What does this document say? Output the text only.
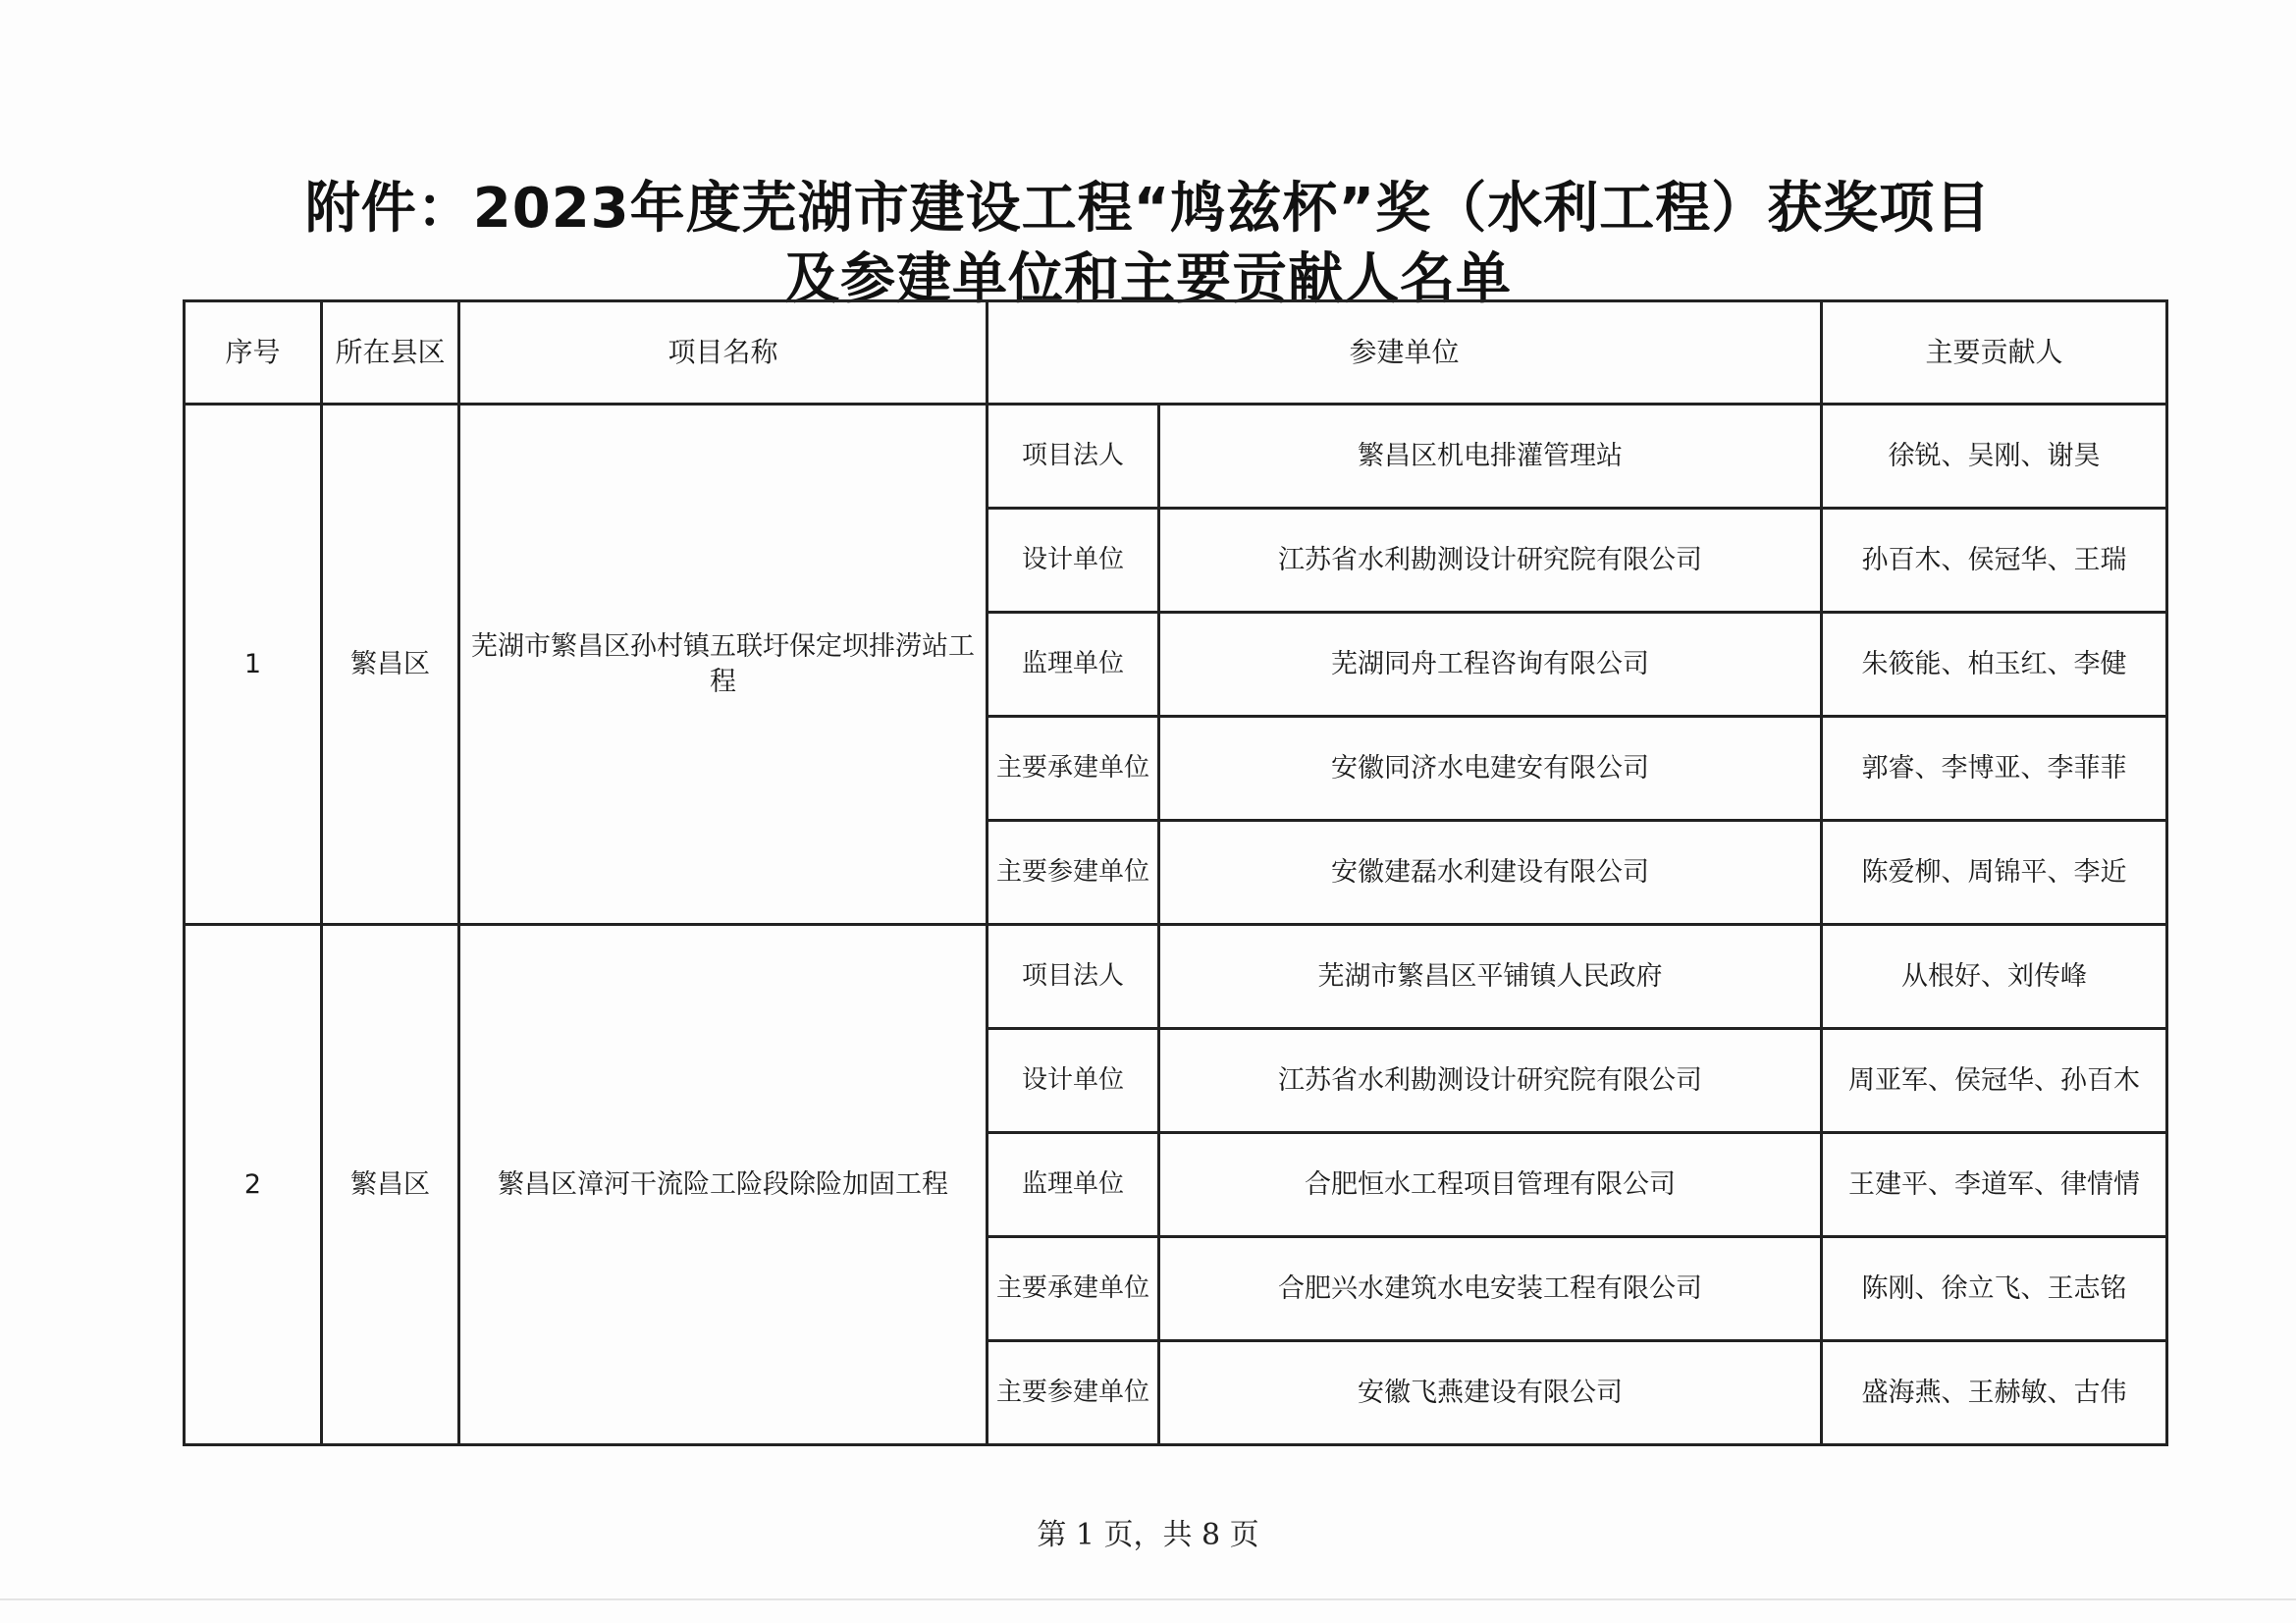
附件：2023年度芜湖市建设工程“鸠兹杯”奖（水利工程）获奖项目
及参建单位和主要贡献人名单
序号	所在县区	项目名称	参建单位		主要贡献人
1	繁昌区	芜湖市繁昌区孙村镇五联圩保定坝排涝站工程	项目法人	繁昌区机电排灌管理站	徐锐、吴刚、谢昊
			设计单位	江苏省水利勘测设计研究院有限公司	孙百木、侯冠华、王瑞
			监理单位	芜湖同舟工程咨询有限公司	朱筱能、柏玉红、李健
			主要承建单位	安徽同济水电建安有限公司	郭睿、李博亚、李菲菲
			主要参建单位	安徽建磊水利建设有限公司	陈爱柳、周锦平、李近
2	繁昌区	繁昌区漳河干流险工险段除险加固工程	项目法人	芜湖市繁昌区平铺镇人民政府	从根好、刘传峰
			设计单位	江苏省水利勘测设计研究院有限公司	周亚军、侯冠华、孙百木
			监理单位	合肥恒水工程项目管理有限公司	王建平、李道军、律情情
			主要承建单位	合肥兴水建筑水电安装工程有限公司	陈刚、徐立飞、王志铭
			主要参建单位	安徽飞燕建设有限公司	盛海燕、王赫敏、古伟
第 1 页，共 8 页
